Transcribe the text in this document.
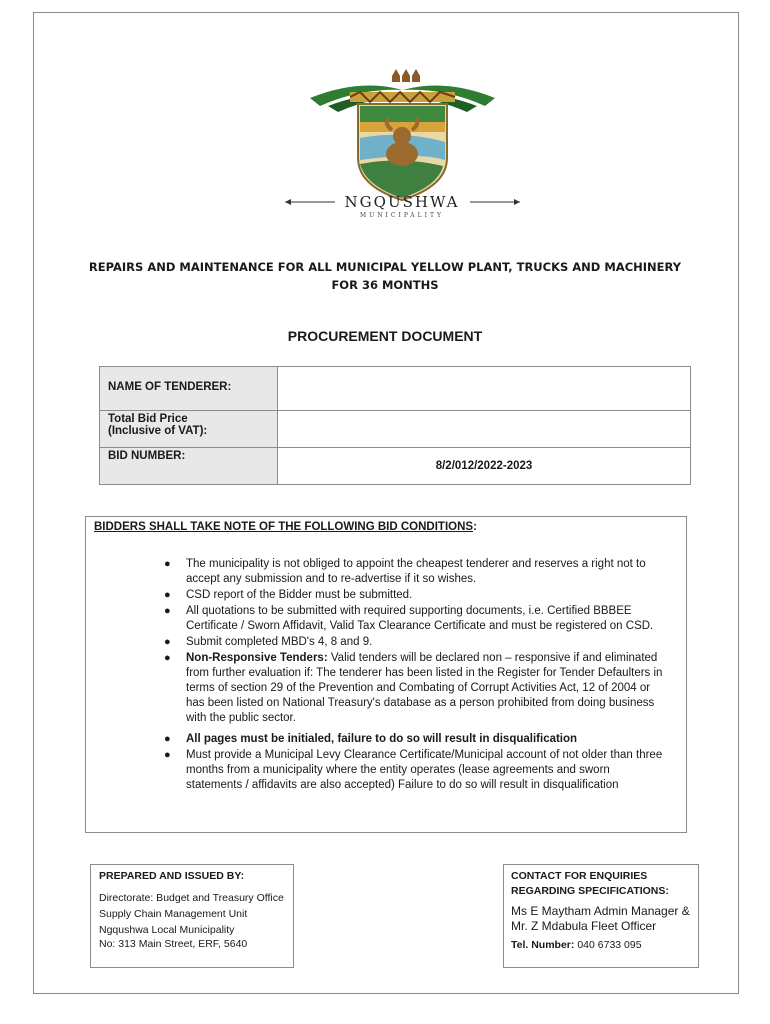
NGQUSHWA
MUNICIPALITY
REPAIRS AND MAINTENANCE FOR ALL MUNICIPAL YELLOW PLANT, TRUCKS AND MACHINERY
FOR 36 MONTHS
PROCUREMENT DOCUMENT
NAME OF TENDERER:	

Total Bid Price
(Inclusive of VAT):	

BID NUMBER:	8/2/012/2022-2023
BIDDERS SHALL TAKE NOTE OF THE FOLLOWING BID CONDITIONS:
● The municipality is not obliged to appoint the cheapest tenderer and reserves a right not to accept any submission and to re-advertise if it so wishes.
● CSD report of the Bidder must be submitted.
● All quotations to be submitted with required supporting documents, i.e. Certified BBBEE Certificate / Sworn Affidavit, Valid Tax Clearance Certificate and must be registered on CSD.
● Submit completed MBD's 4, 8 and 9.
● Non-Responsive Tenders: Valid tenders will be declared non – responsive if and eliminated from further evaluation if: The tenderer has been listed in the Register for Tender Defaulters in terms of section 29 of the Prevention and Combating of Corrupt Activities Act, 12 of 2004 or has been listed on National Treasury's database as a person prohibited from doing business with the public sector.
● All pages must be initialed, failure to do so will result in disqualification
● Must provide a Municipal Levy Clearance Certificate/Municipal account of not older than three months from a municipality where the entity operates (lease agreements and sworn statements / affidavits are also accepted) Failure to do so will result in disqualification
PREPARED AND ISSUED BY:
Directorate: Budget and Treasury Office
Supply Chain Management Unit
Ngqushwa Local Municipality
No: 313 Main Street, ERF, 5640
CONTACT FOR ENQUIRIES
REGARDING SPECIFICATIONS:
Ms E Maytham Admin Manager & Mr. Z Mdabula Fleet Officer
Tel. Number: 040 6733 095
